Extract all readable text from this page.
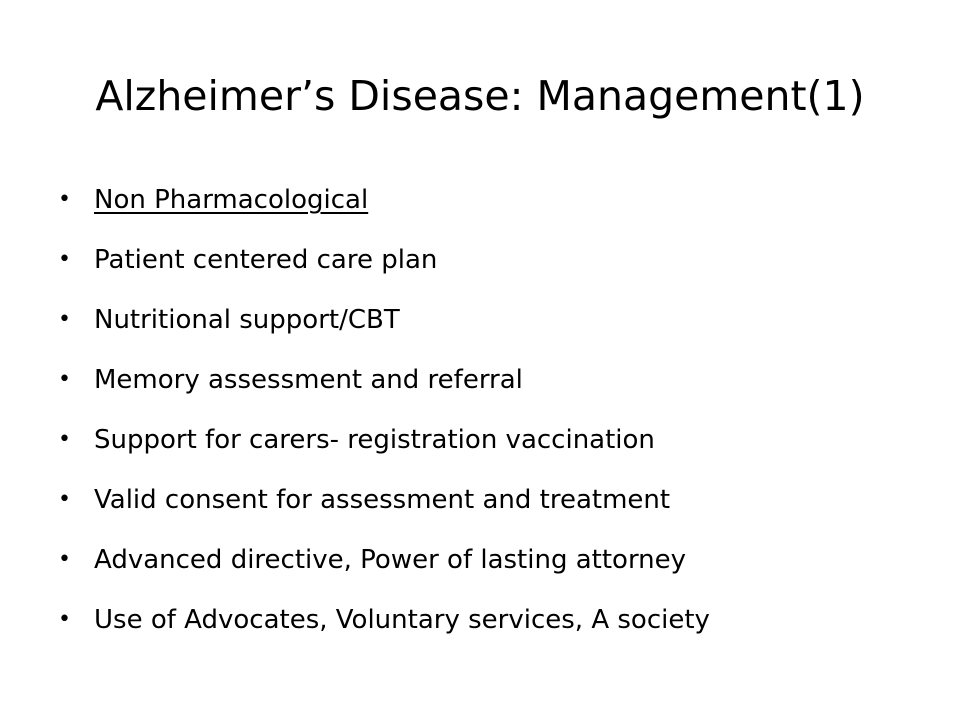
Alzheimer’s Disease: Management(1)
• Non Pharmacological
• Patient centered care plan
• Nutritional support/CBT
• Memory assessment and referral
• Support for carers- registration vaccination
• Valid consent for assessment and treatment
• Advanced directive, Power of lasting attorney
• Use of Advocates, Voluntary services, A society
